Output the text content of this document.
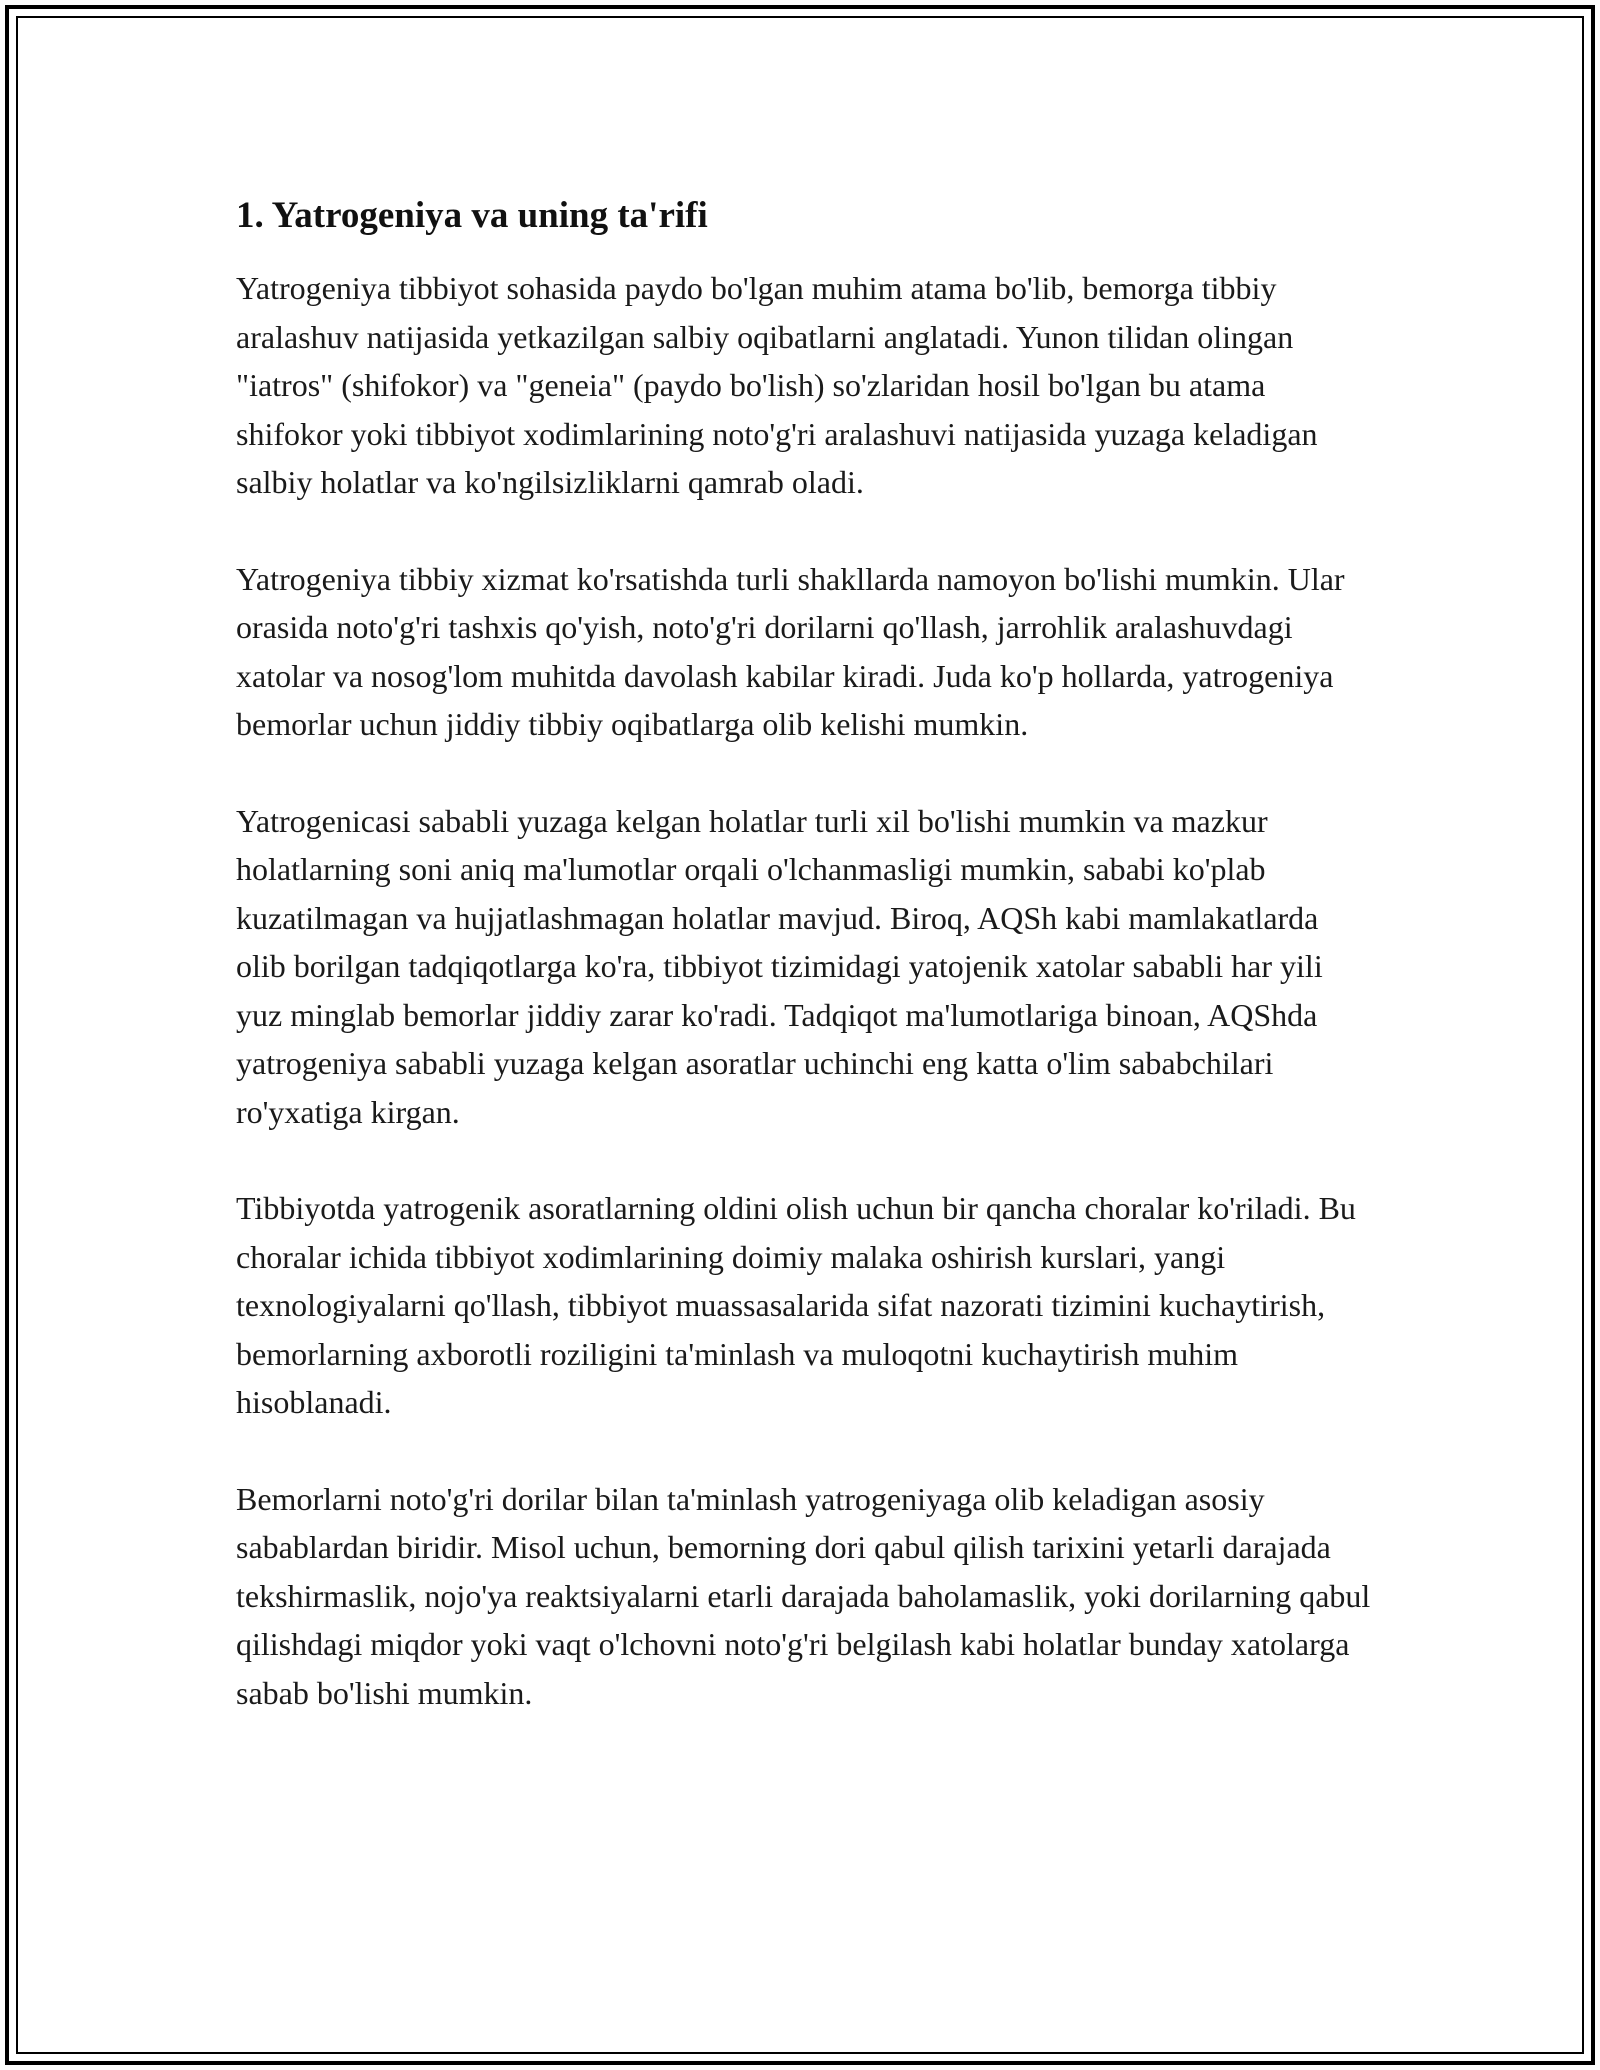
1. Yatrogeniya va uning ta'rifi

Yatrogeniya tibbiyot sohasida paydo bo'lgan muhim atama bo'lib, bemorga tibbiy aralashuv natijasida yetkazilgan salbiy oqibatlarni anglatadi. Yunon tilidan olingan "iatros" (shifokor) va "geneia" (paydo bo'lish) so'zlaridan hosil bo'lgan bu atama shifokor yoki tibbiyot xodimlarining noto'g'ri aralashuvi natijasida yuzaga keladigan salbiy holatlar va ko'ngilsizliklarni qamrab oladi.

Yatrogeniya tibbiy xizmat ko'rsatishda turli shakllarda namoyon bo'lishi mumkin. Ular orasida noto'g'ri tashxis qo'yish, noto'g'ri dorilarni qo'llash, jarrohlik aralashuvdagi xatolar va nosog'lom muhitda davolash kabilar kiradi. Juda ko'p hollarda, yatrogeniya bemorlar uchun jiddiy tibbiy oqibatlarga olib kelishi mumkin.

Yatrogenicasi sababli yuzaga kelgan holatlar turli xil bo'lishi mumkin va mazkur holatlarning soni aniq ma'lumotlar orqali o'lchanmasligi mumkin, sababi ko'plab kuzatilmagan va hujjatlashmagan holatlar mavjud. Biroq, AQSh kabi mamlakatlarda olib borilgan tadqiqotlarga ko'ra, tibbiyot tizimidagi yatojenik xatolar sababli har yili yuz minglab bemorlar jiddiy zarar ko'radi. Tadqiqot ma'lumotlariga binoan, AQShda yatrogeniya sababli yuzaga kelgan asoratlar uchinchi eng katta o'lim sababchilari ro'yxatiga kirgan.

Tibbiyotda yatrogenik asoratlarning oldini olish uchun bir qancha choralar ko'riladi. Bu choralar ichida tibbiyot xodimlarining doimiy malaka oshirish kurslari, yangi texnologiyalarni qo'llash, tibbiyot muassasalarida sifat nazorati tizimini kuchaytirish, bemorlarning axborotli roziligini ta'minlash va muloqotni kuchaytirish muhim hisoblanadi.

Bemorlarni noto'g'ri dorilar bilan ta'minlash yatrogeniyaga olib keladigan asosiy sabablardan biridir. Misol uchun, bemorning dori qabul qilish tarixini yetarli darajada tekshirmaslik, nojo'ya reaktsiyalarni etarli darajada baholamaslik, yoki dorilarning qabul qilishdagi miqdor yoki vaqt o'lchovni noto'g'ri belgilash kabi holatlar bunday xatolarga sabab bo'lishi mumkin.
